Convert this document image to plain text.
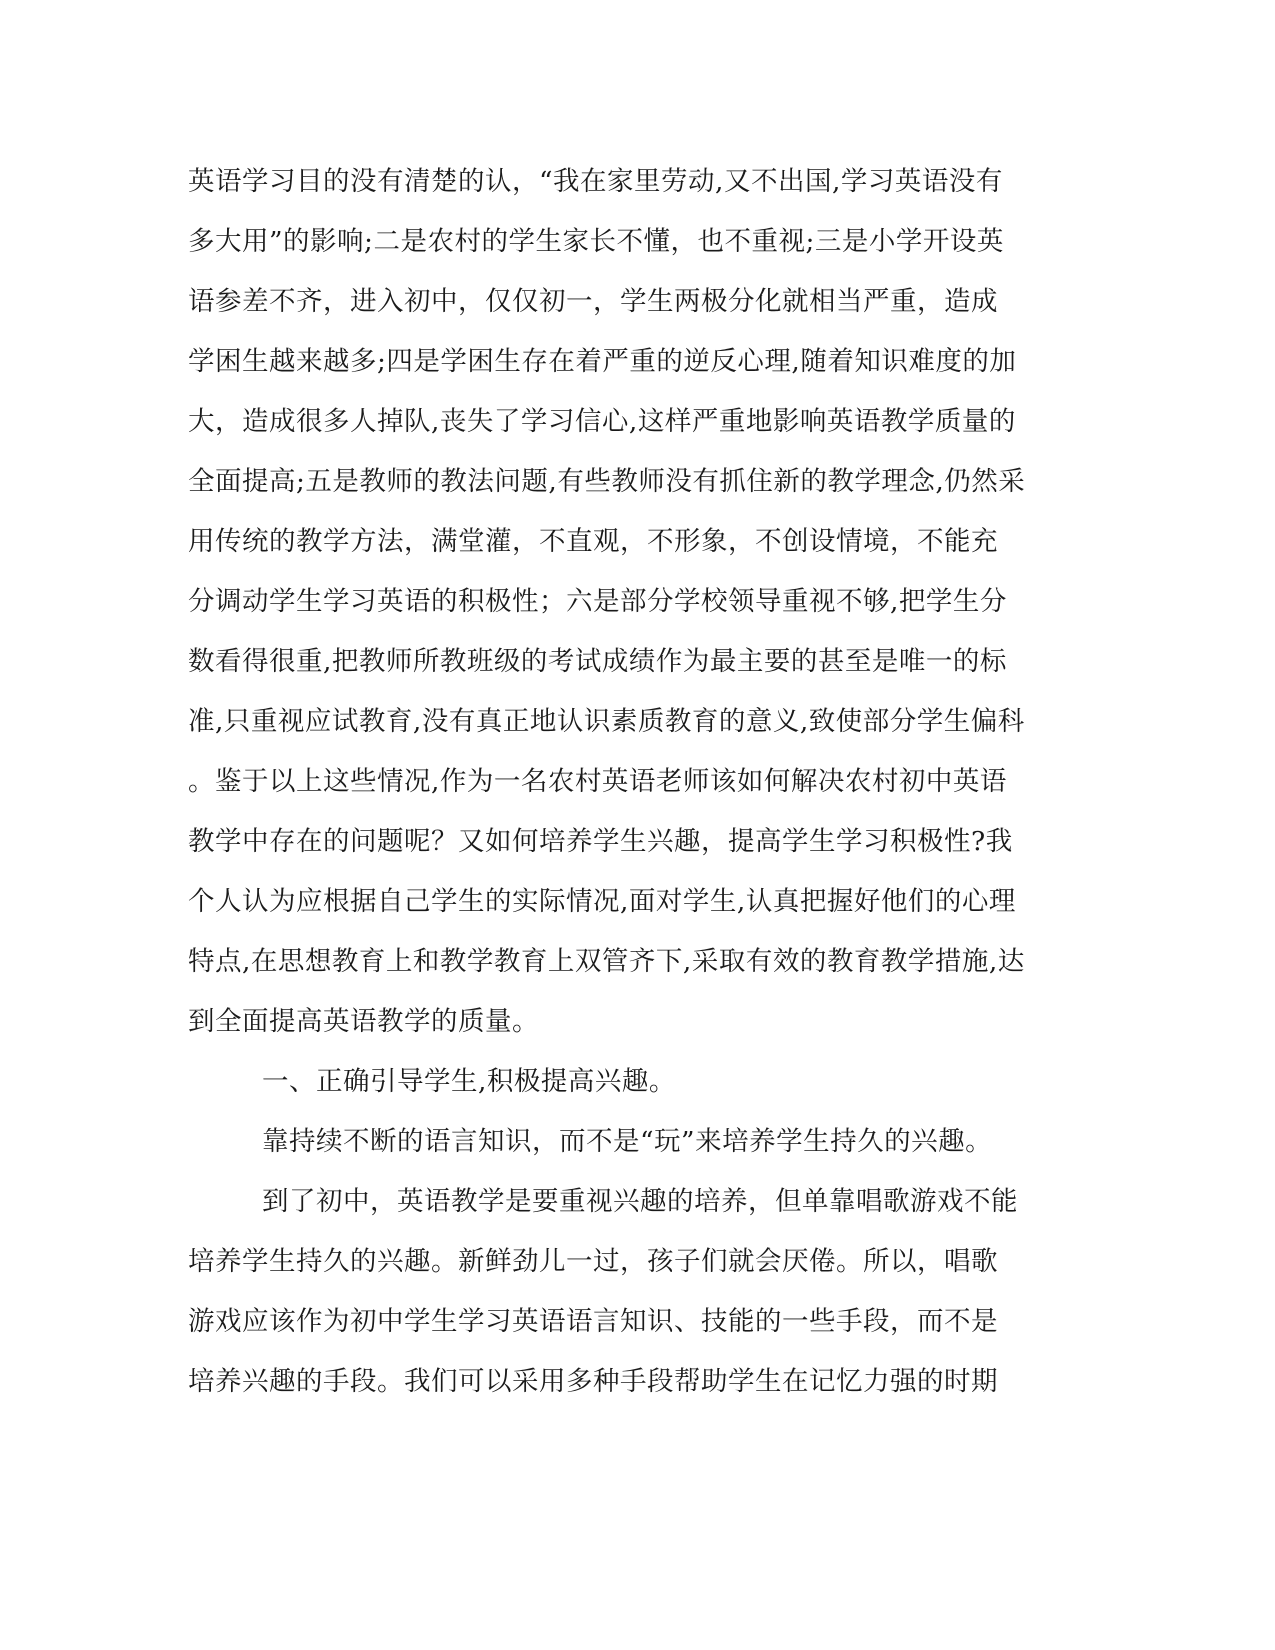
英语学习目的没有清楚的认，“我在家里劳动,又不出国,学习英语没有
多大用”的影响;二是农村的学生家长不懂，也不重视;三是小学开设英
语参差不齐，进入初中，仅仅初一，学生两极分化就相当严重，造成
学困生越来越多;四是学困生存在着严重的逆反心理,随着知识难度的加
大，造成很多人掉队,丧失了学习信心,这样严重地影响英语教学质量的
全面提高;五是教师的教法问题,有些教师没有抓住新的教学理念,仍然采
用传统的教学方法，满堂灌，不直观，不形象，不创设情境，不能充
分调动学生学习英语的积极性；六是部分学校领导重视不够,把学生分
数看得很重,把教师所教班级的考试成绩作为最主要的甚至是唯一的标
准,只重视应试教育,没有真正地认识素质教育的意义,致使部分学生偏科
。鉴于以上这些情况,作为一名农村英语老师该如何解决农村初中英语
教学中存在的问题呢？又如何培养学生兴趣，提高学生学习积极性?我
个人认为应根据自己学生的实际情况,面对学生,认真把握好他们的心理
特点,在思想教育上和教学教育上双管齐下,采取有效的教育教学措施,达
到全面提高英语教学的质量。
一、正确引导学生,积极提高兴趣。
靠持续不断的语言知识，而不是“玩”来培养学生持久的兴趣。
到了初中，英语教学是要重视兴趣的培养，但单靠唱歌游戏不能
培养学生持久的兴趣。新鲜劲儿一过，孩子们就会厌倦。所以，唱歌
游戏应该作为初中学生学习英语语言知识、技能的一些手段，而不是
培养兴趣的手段。我们可以采用多种手段帮助学生在记忆力强的时期
